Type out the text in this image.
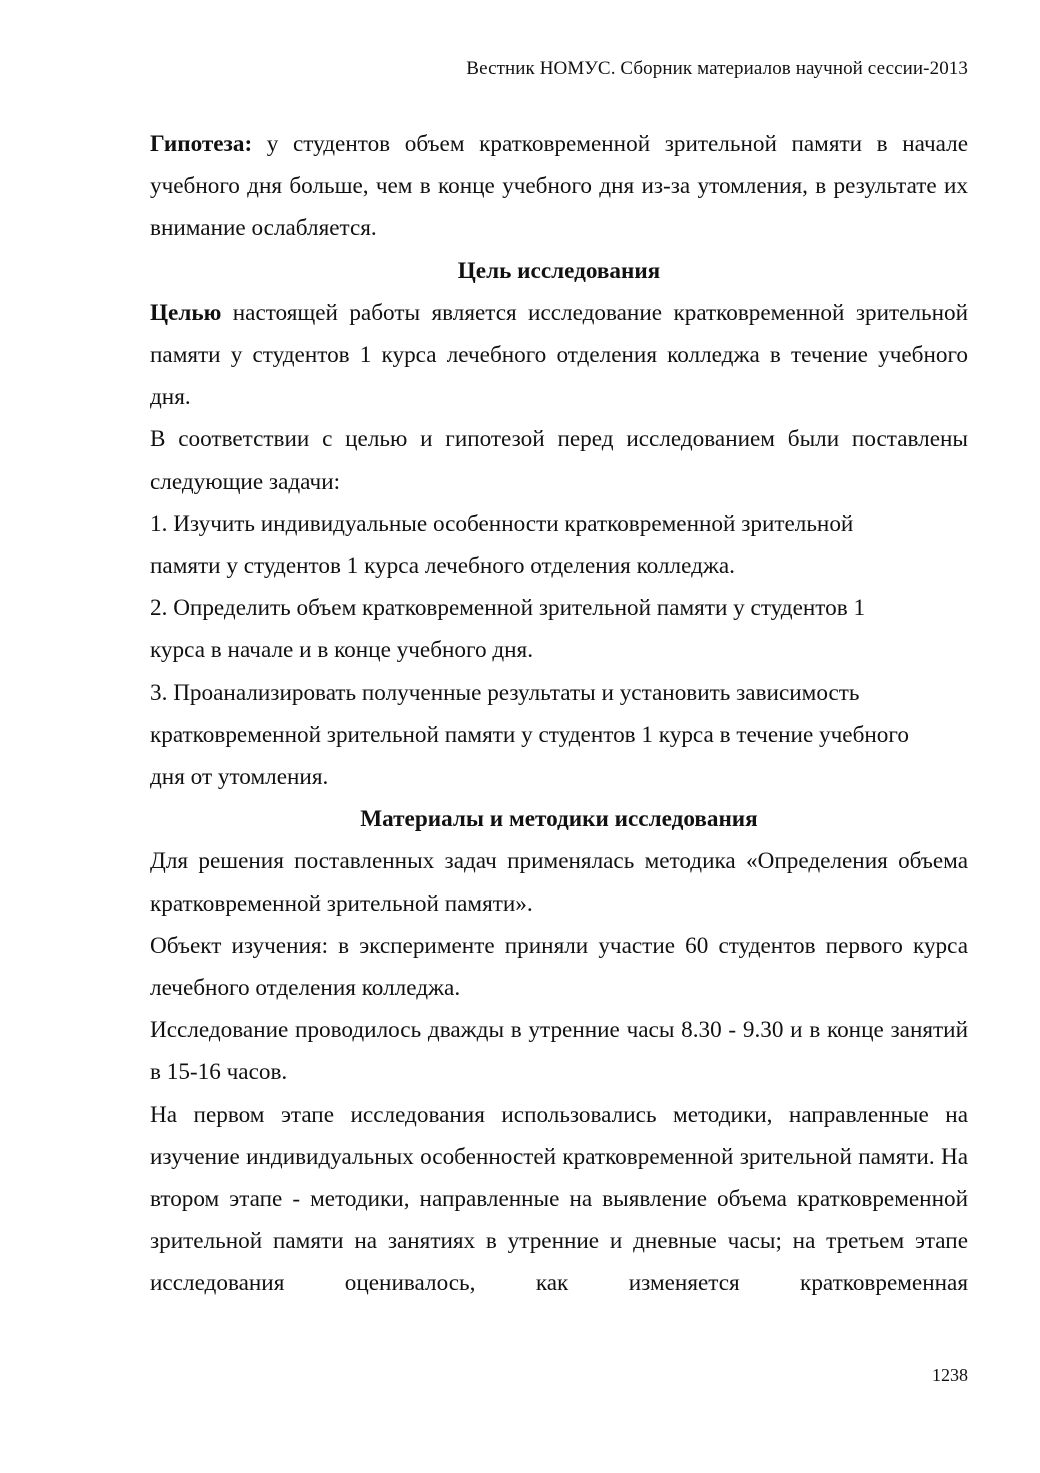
Вестник НОМУС. Сборник материалов научной сессии-2013

Гипотеза: у студентов объем кратковременной зрительной памяти в начале учебного дня больше, чем в конце учебного дня из-за утомления, в результате их внимание ослабляется.

Цель исследования

Целью настоящей работы является исследование кратковременной зрительной памяти у студентов 1 курса лечебного отделения колледжа в течение учебного дня.

В соответствии с целью и гипотезой перед исследованием были поставлены следующие задачи:

1. Изучить индивидуальные особенности кратковременной зрительной

памяти у студентов 1 курса лечебного отделения колледжа.

2. Определить объем кратковременной зрительной памяти у студентов 1

курса в начале и в конце учебного дня.

3. Проанализировать полученные результаты и установить зависимость

кратковременной зрительной памяти у студентов 1 курса в течение учебного

дня от утомления.

Материалы и методики исследования

Для решения поставленных задач применялась методика «Определения объема кратковременной зрительной памяти».

Объект изучения: в эксперименте приняли участие 60 студентов первого курса лечебного отделения колледжа.

Исследование проводилось дважды в утренние часы 8.30 - 9.30 и в конце занятий в 15-16 часов.

На первом этапе исследования использовались методики, направленные на изучение индивидуальных особенностей кратковременной зрительной памяти. На втором этапе - методики, направленные на выявление объема кратковременной зрительной памяти на занятиях в утренние и дневные часы; на третьем этапе исследования оценивалось, как изменяется кратковременная

1238
